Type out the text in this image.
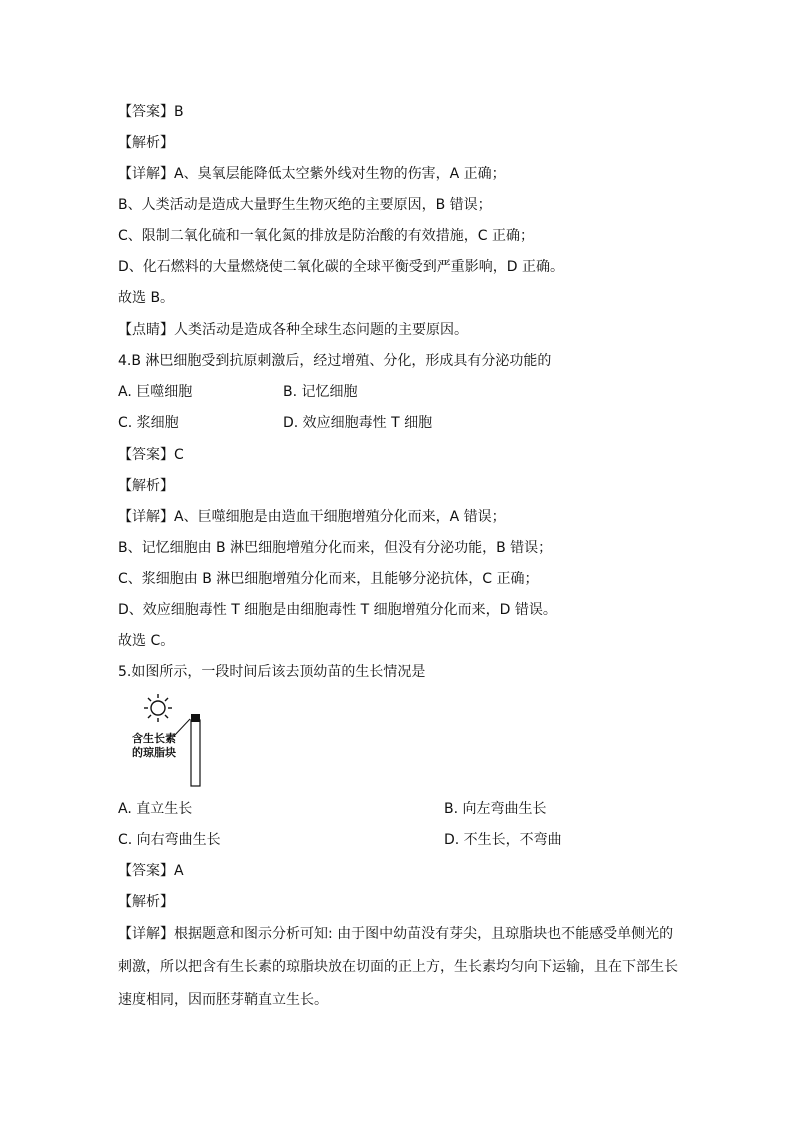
【答案】B
【解析】
【详解】A、臭氧层能降低太空紫外线对生物的伤害，A 正确；
B、人类活动是造成大量野生生物灭绝的主要原因，B 错误；
C、限制二氧化硫和一氧化氮的排放是防治酸的有效措施，C 正确；
D、化石燃料的大量燃烧使二氧化碳的全球平衡受到严重影响，D 正确。
故选 B。
【点睛】人类活动是造成各种全球生态问题的主要原因。
4.B 淋巴细胞受到抗原刺激后，经过增殖、分化，形成具有分泌功能的
A. 巨噬细胞	B. 记忆细胞
C. 浆细胞	D. 效应细胞毒性 T 细胞
【答案】C
【解析】
【详解】A、巨噬细胞是由造血干细胞增殖分化而来，A 错误；
B、记忆细胞由 B 淋巴细胞增殖分化而来，但没有分泌功能，B 错误；
C、浆细胞由 B 淋巴细胞增殖分化而来，且能够分泌抗体，C 正确；
D、效应细胞毒性 T 细胞是由细胞毒性 T 细胞增殖分化而来，D 错误。
故选 C。
5.如图所示，一段时间后该去顶幼苗的生长情况是
含生长素
的琼脂块
A. 直立生长	B. 向左弯曲生长
C. 向右弯曲生长	D. 不生长，不弯曲
【答案】A
【解析】
【详解】根据题意和图示分析可知: 由于图中幼苗没有芽尖，且琼脂块也不能感受单侧光的
刺激，所以把含有生长素的琼脂块放在切面的正上方，生长素均匀向下运输，且在下部生长
速度相同，因而胚芽鞘直立生长。
